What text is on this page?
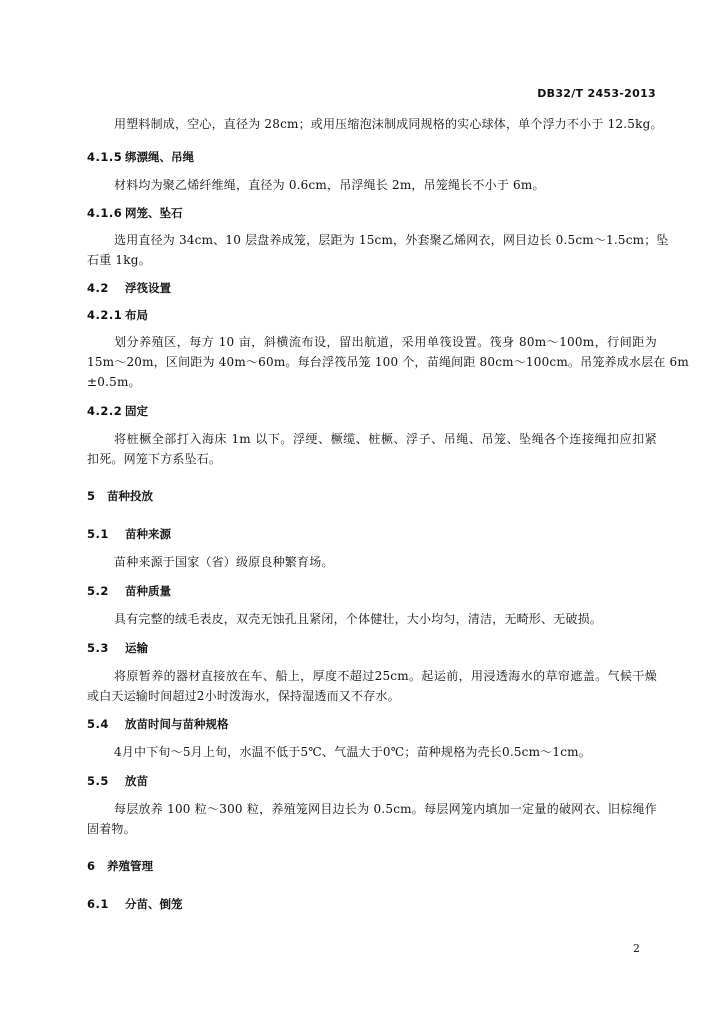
DB32/T 2453-2013
用塑料制成，空心，直径为 28cm；或用压缩泡沫制成同规格的实心球体，单个浮力不小于 12.5kg。
4.1.5 绑漂绳、吊绳
材料均为聚乙烯纤维绳，直径为 0.6cm，吊浮绳长 2m，吊笼绳长不小于 6m。
4.1.6 网笼、坠石
选用直径为 34cm、10 层盘养成笼，层距为 15cm，外套聚乙烯网衣，网目边长 0.5cm～1.5cm；坠
石重 1kg。
4.2 浮筏设置
4.2.1 布局
划分养殖区，每方 10 亩，斜横流布设，留出航道，采用单筏设置。筏身 80m～100m，行间距为
15m～20m，区间距为 40m～60m。每台浮筏吊笼 100 个，苗绳间距 80cm～100cm。吊笼养成水层在 6m
±0.5m。
4.2.2 固定
将桩橛全部打入海床 1m 以下。浮绠、橛缆、桩橛、浮子、吊绳、吊笼、坠绳各个连接绳扣应扣紧
扣死。网笼下方系坠石。
5 苗种投放
5.1 苗种来源
苗种来源于国家（省）级原良种繁育场。
5.2 苗种质量
具有完整的绒毛表皮，双壳无蚀孔且紧闭，个体健壮，大小均匀，清洁，无畸形、无破损。
5.3 运输
将原暂养的器材直接放在车、船上，厚度不超过25cm。起运前，用浸透海水的草帘遮盖。气候干燥
或白天运输时间超过2小时泼海水，保持湿透而又不存水。
5.4 放苗时间与苗种规格
4月中下旬～5月上旬，水温不低于5℃、气温大于0℃；苗种规格为壳长0.5cm～1cm。
5.5 放苗
每层放养 100 粒～300 粒，养殖笼网目边长为 0.5cm。每层网笼内填加一定量的破网衣、旧棕绳作
固着物。
6 养殖管理
6.1 分苗、倒笼
2
